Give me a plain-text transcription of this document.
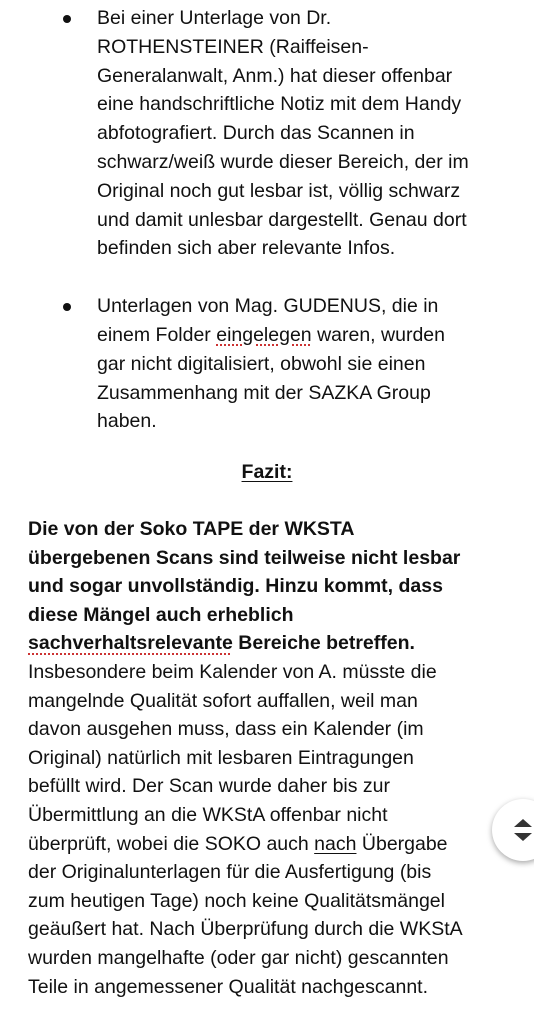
Bei einer Unterlage von Dr.
ROTHENSTEINER (Raiffeisen-
Generalanwalt, Anm.) hat dieser offenbar
eine handschriftliche Notiz mit dem Handy
abfotografiert. Durch das Scannen in
schwarz/weiß wurde dieser Bereich, der im
Original noch gut lesbar ist, völlig schwarz
und damit unlesbar dargestellt. Genau dort
befinden sich aber relevante Infos.
Unterlagen von Mag. GUDENUS, die in
einem Folder eingelegen waren, wurden
gar nicht digitalisiert, obwohl sie einen
Zusammenhang mit der SAZKA Group
haben.
Fazit:
Die von der Soko TAPE der WKSTA
übergebenen Scans sind teilweise nicht lesbar
und sogar unvollständig. Hinzu kommt, dass
diese Mängel auch erheblich
sachverhaltsrelevante Bereiche betreffen.
Insbesondere beim Kalender von A. müsste die
mangelnde Qualität sofort auffallen, weil man
davon ausgehen muss, dass ein Kalender (im
Original) natürlich mit lesbaren Eintragungen
befüllt wird. Der Scan wurde daher bis zur
Übermittlung an die WKStA offenbar nicht
überprüft, wobei die SOKO auch nach Übergabe
der Originalunterlagen für die Ausfertigung (bis
zum heutigen Tage) noch keine Qualitätsmängel
geäußert hat. Nach Überprüfung durch die WKStA
wurden mangelhafte (oder gar nicht) gescannten
Teile in angemessener Qualität nachgescannt.
